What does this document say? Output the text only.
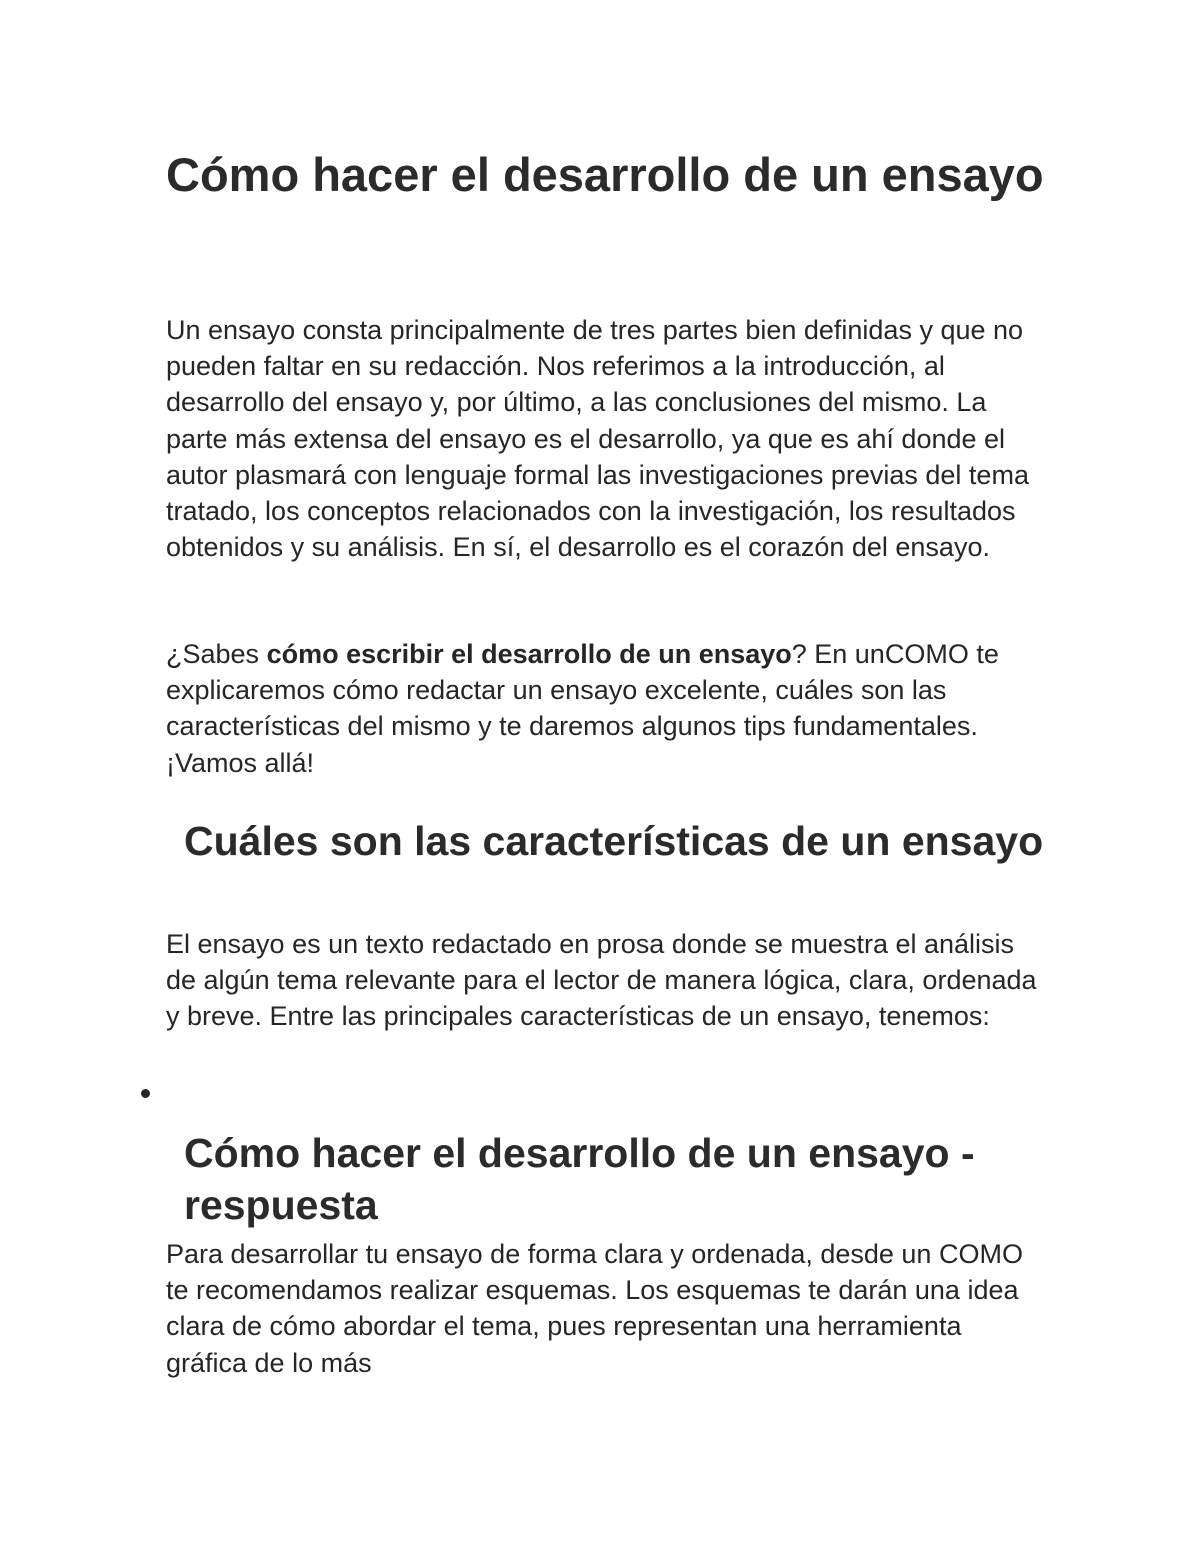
Cómo hacer el desarrollo de un ensayo

Un ensayo consta principalmente de tres partes bien definidas y que no pueden faltar en su redacción. Nos referimos a la introducción, al desarrollo del ensayo y, por último, a las conclusiones del mismo. La parte más extensa del ensayo es el desarrollo, ya que es ahí donde el autor plasmará con lenguaje formal las investigaciones previas del tema tratado, los conceptos relacionados con la investigación, los resultados obtenidos y su análisis. En sí, el desarrollo es el corazón del ensayo.

¿Sabes cómo escribir el desarrollo de un ensayo? En unCOMO te explicaremos cómo redactar un ensayo excelente, cuáles son las características del mismo y te daremos algunos tips fundamentales. ¡Vamos allá!

Cuáles son las características de un ensayo

El ensayo es un texto redactado en prosa donde se muestra el análisis de algún tema relevante para el lector de manera lógica, clara, ordenada y breve. Entre las principales características de un ensayo, tenemos:

Cómo hacer el desarrollo de un ensayo - respuesta

Para desarrollar tu ensayo de forma clara y ordenada, desde un COMO te recomendamos realizar esquemas. Los esquemas te darán una idea clara de cómo abordar el tema, pues representan una herramienta gráfica de lo más
